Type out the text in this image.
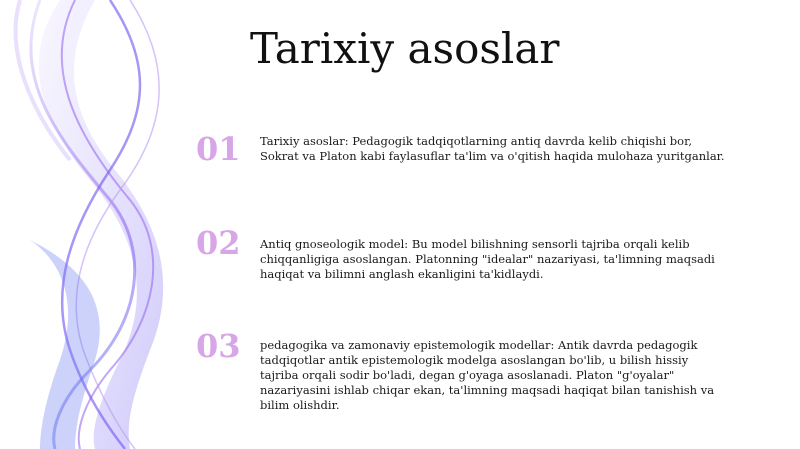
Tarixiy asoslar
01	Tarixiy asoslar: Pedagogik tadqiqotlarning antiq davrda kelib chiqishi bor, Sokrat va Platon kabi faylasuflar ta'lim va o'qitish haqida mulohaza yuritganlar.

02	Antiq gnoseologik model: Bu model bilishning sensorli tajriba orqali kelib chiqqanligiga asoslangan. Platonning "idealar" nazariyasi, ta'limning maqsadi haqiqat va bilimni anglash ekanligini ta'kidlaydi.

03	pedagogika va zamonaviy epistemologik modellar: Antik davrda pedagogik tadqiqotlar antik epistemologik modelga asoslangan bo'lib, u bilish hissiy tajriba orqali sodir bo'ladi, degan g'oyaga asoslanadi. Platon "g'oyalar" nazariyasini ishlab chiqar ekan, ta'limning maqsadi haqiqat bilan tanishish va bilim olishdir.
